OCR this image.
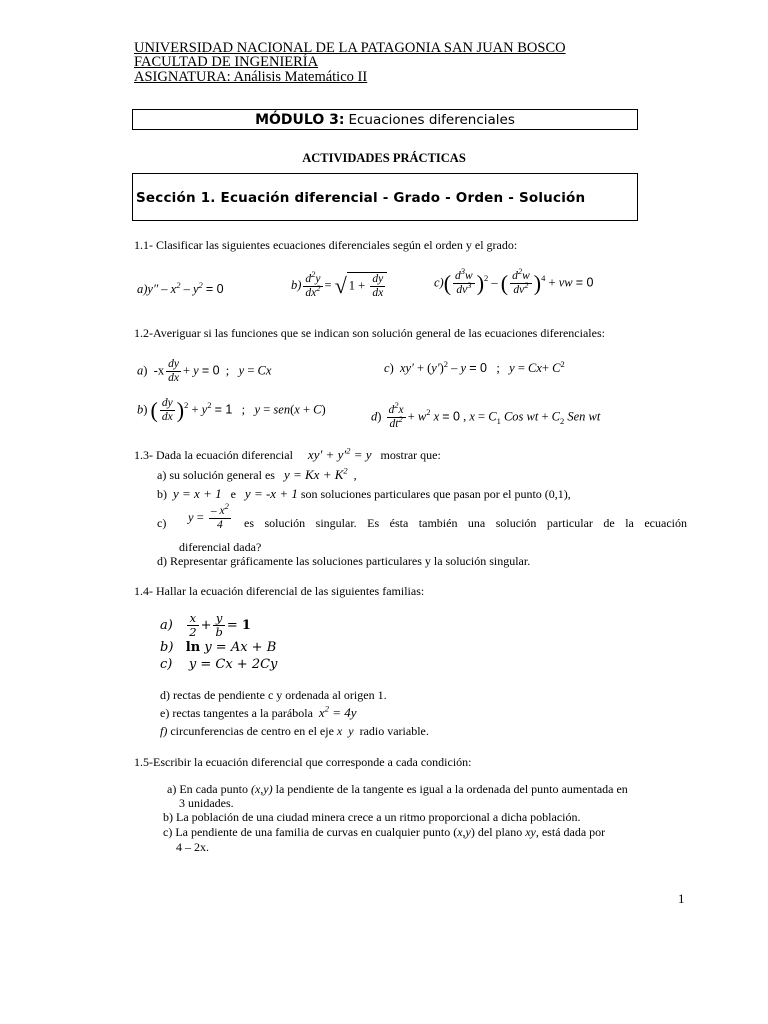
UNIVERSIDAD NACIONAL DE LA PATAGONIA SAN JUAN BOSCO
FACULTAD DE INGENIERÍA
ASIGNATURA: Análisis Matemático II
MÓDULO 3: Ecuaciones diferenciales
ACTIVIDADES PRÁCTICAS
Sección 1. Ecuación diferencial - Grado - Orden - Solución
1.1- Clasificar las siguientes ecuaciones diferenciales según el orden y el grado:
$a)y'' - x^2 - y^2 = 0$	$b) \frac{d^2y}{dx^2}$ = √ $1 + \frac{dy}{dx}$	$c)( \frac{d^3w}{dv^3} )^2$ – ( $\frac{d^2w}{dv^2} )^4$ + vw = 0
1.2-Averiguar si las funciones que se indican son solución general de las ecuaciones diferenciales:
a)  $-x \frac{dy}{dx} + y = 0$  ;   y = Cx	c)  $xy' + (y')^2 - y = 0$   ;   $y = Cx+ C^2$
b) ( $\frac{dy}{dx} )^2 + y^2 = 1$   ;   y = sen(x + C)	$d) \frac{d^2x}{dt^2} + w^2$ x = 0 , $x = C_1$ Cos wt + $C_2$ Sen wt
1.3- Dada la ecuación diferencial $xy' + y'^2 = y$ mostrar que:
a) su solución general es $y = Kx + K^2$  ,
b) y = x + 1 e y = -x + 1 son soluciones particulares que pasan por el punto (0,1),
c) $y = \frac{- x^2}{4}$ es solución singular. Es ésta también una solución particular de la ecuación
diferencial dada?
d) Representar gráficamente las soluciones particulares y la solución singular.
1.4- Hallar la ecuación diferencial de las siguientes familias:
$a) \frac{x}{2} + \frac{y}{b} = 1$
b)   ln y = Ax + B
c)    y = Cx + 2Cy
d) rectas de pendiente c y ordenada al origen 1.
e) rectas tangentes a la parábola $x^2 = 4y$
f) circunferencias de centro en el eje x  y radio variable.
1.5-Escribir la ecuación diferencial que corresponde a cada condición:
a) En cada punto (x,y) la pendiente de la tangente es igual a la ordenada del punto aumentada en
3 unidades.
b) La población de una ciudad minera crece a un ritmo proporcional a dicha población.
c) La pendiente de una familia de curvas en cualquier punto (x,y) del plano xy, está dada por
4 – 2x.
1
